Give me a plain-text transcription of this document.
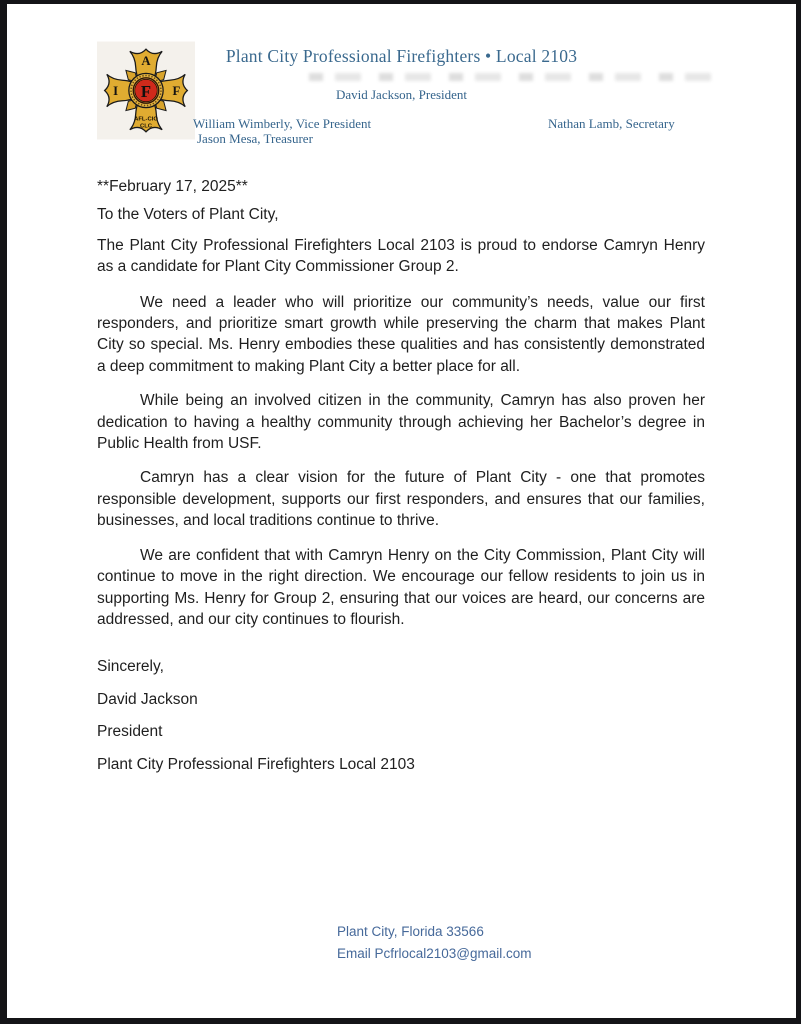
A
I	F
F
AFL-CIO
CLC
Plant City Professional Firefighters • Local 2103
David Jackson, President
William Wimberly, Vice President	Nathan Lamb, Secretary
Jason Mesa, Treasurer

**February 17, 2025**

To the Voters of Plant City,

The Plant City Professional Firefighters Local 2103 is proud to endorse Camryn Henry as a candidate for Plant City Commissioner Group 2.

We need a leader who will prioritize our community’s needs, value our first responders, and prioritize smart growth while preserving the charm that makes Plant City so special. Ms. Henry embodies these qualities and has consistently demonstrated a deep commitment to making Plant City a better place for all.

While being an involved citizen in the community, Camryn has also proven her dedication to having a healthy community through achieving her Bachelor’s degree in Public Health from USF.

Camryn has a clear vision for the future of Plant City - one that promotes responsible development, supports our first responders, and ensures that our families, businesses, and local traditions continue to thrive.

We are confident that with Camryn Henry on the City Commission, Plant City will continue to move in the right direction. We encourage our fellow residents to join us in supporting Ms. Henry for Group 2, ensuring that our voices are heard, our concerns are addressed, and our city continues to flourish.

Sincerely,

David Jackson

President

Plant City Professional Firefighters Local 2103

Plant City, Florida 33566
Email Pcfrlocal2103@gmail.com
